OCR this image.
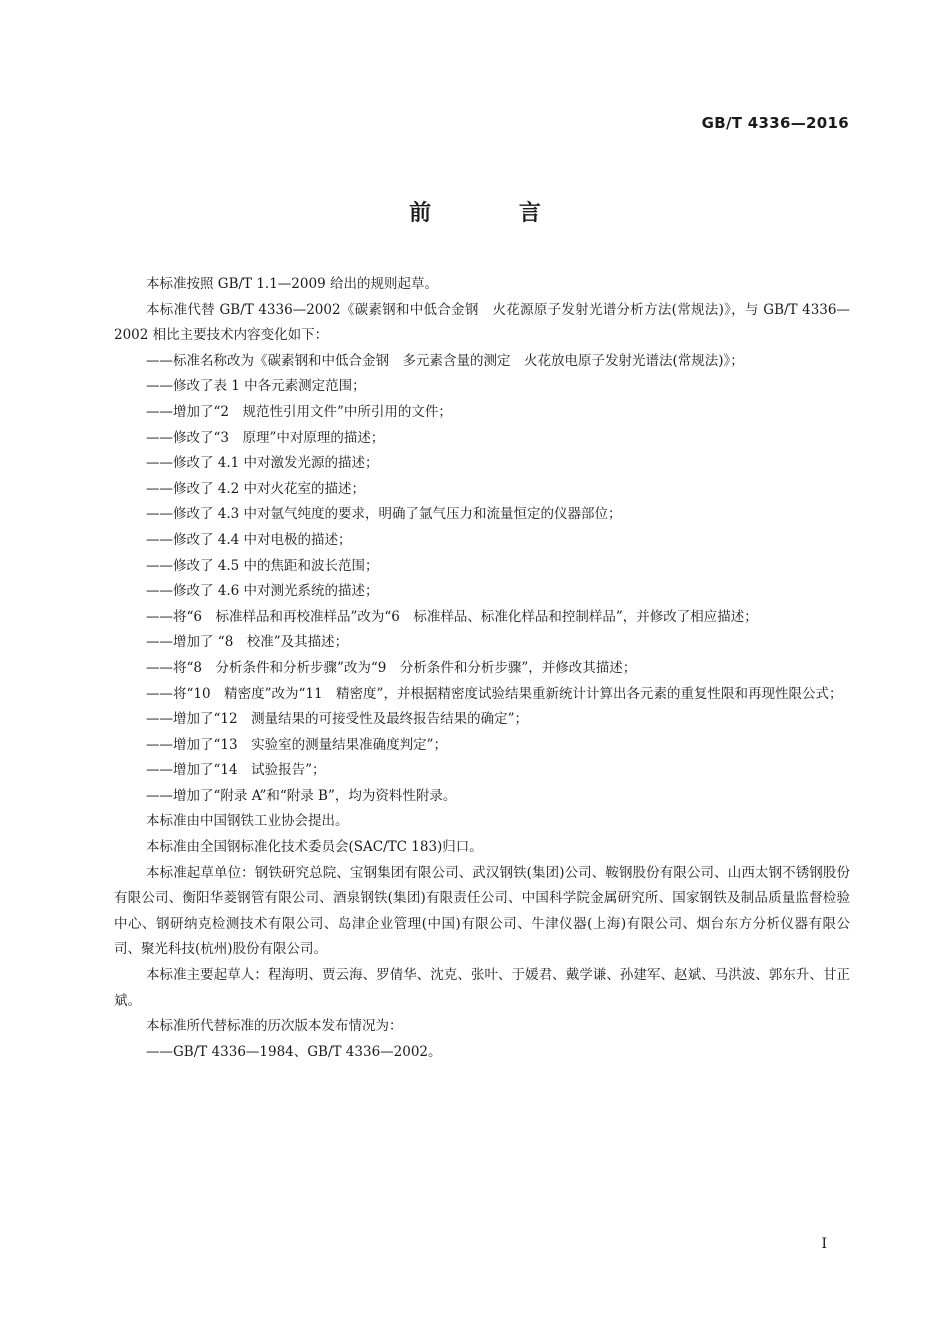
GB/T 4336—2016
前 言

本标准按照 GB/T 1.1—2009 给出的规则起草。

本标准代替 GB/T 4336—2002《碳素钢和中低合金钢　火花源原子发射光谱分析方法(常规法)》，与 GB/T 4336—2002 相比主要技术内容变化如下：

——标准名称改为《碳素钢和中低合金钢　多元素含量的测定　火花放电原子发射光谱法(常规法)》；

——修改了表 1 中各元素测定范围；

——增加了“2　规范性引用文件”中所引用的文件；

——修改了“3　原理”中对原理的描述；

——修改了 4.1 中对激发光源的描述；

——修改了 4.2 中对火花室的描述；

——修改了 4.3 中对氩气纯度的要求，明确了氩气压力和流量恒定的仪器部位；

——修改了 4.4 中对电极的描述；

——修改了 4.5 中的焦距和波长范围；

——修改了 4.6 中对测光系统的描述；

——将“6　标准样品和再校准样品”改为“6　标准样品、标准化样品和控制样品”，并修改了相应描述；

——增加了 “8　校准”及其描述；

——将“8　分析条件和分析步骤”改为“9　分析条件和分析步骤”，并修改其描述；

——将“10　精密度”改为“11　精密度”，并根据精密度试验结果重新统计计算出各元素的重复性限和再现性限公式；

——增加了“12　测量结果的可接受性及最终报告结果的确定”；

——增加了“13　实验室的测量结果准确度判定”；

——增加了“14　试验报告”；

——增加了“附录 A”和“附录 B”，均为资料性附录。

本标准由中国钢铁工业协会提出。

本标准由全国钢标准化技术委员会(SAC/TC 183)归口。

本标准起草单位：钢铁研究总院、宝钢集团有限公司、武汉钢铁(集团)公司、鞍钢股份有限公司、山西太钢不锈钢股份有限公司、衡阳华菱钢管有限公司、酒泉钢铁(集团)有限责任公司、中国科学院金属研究所、国家钢铁及制品质量监督检验中心、钢研纳克检测技术有限公司、岛津企业管理(中国)有限公司、牛津仪器(上海)有限公司、烟台东方分析仪器有限公司、聚光科技(杭州)股份有限公司。

本标准主要起草人：程海明、贾云海、罗倩华、沈克、张叶、于媛君、戴学谦、孙建军、赵斌、马洪波、郭东升、甘正斌。

本标准所代替标准的历次版本发布情况为：

——GB/T 4336—1984、GB/T 4336—2002。

I
